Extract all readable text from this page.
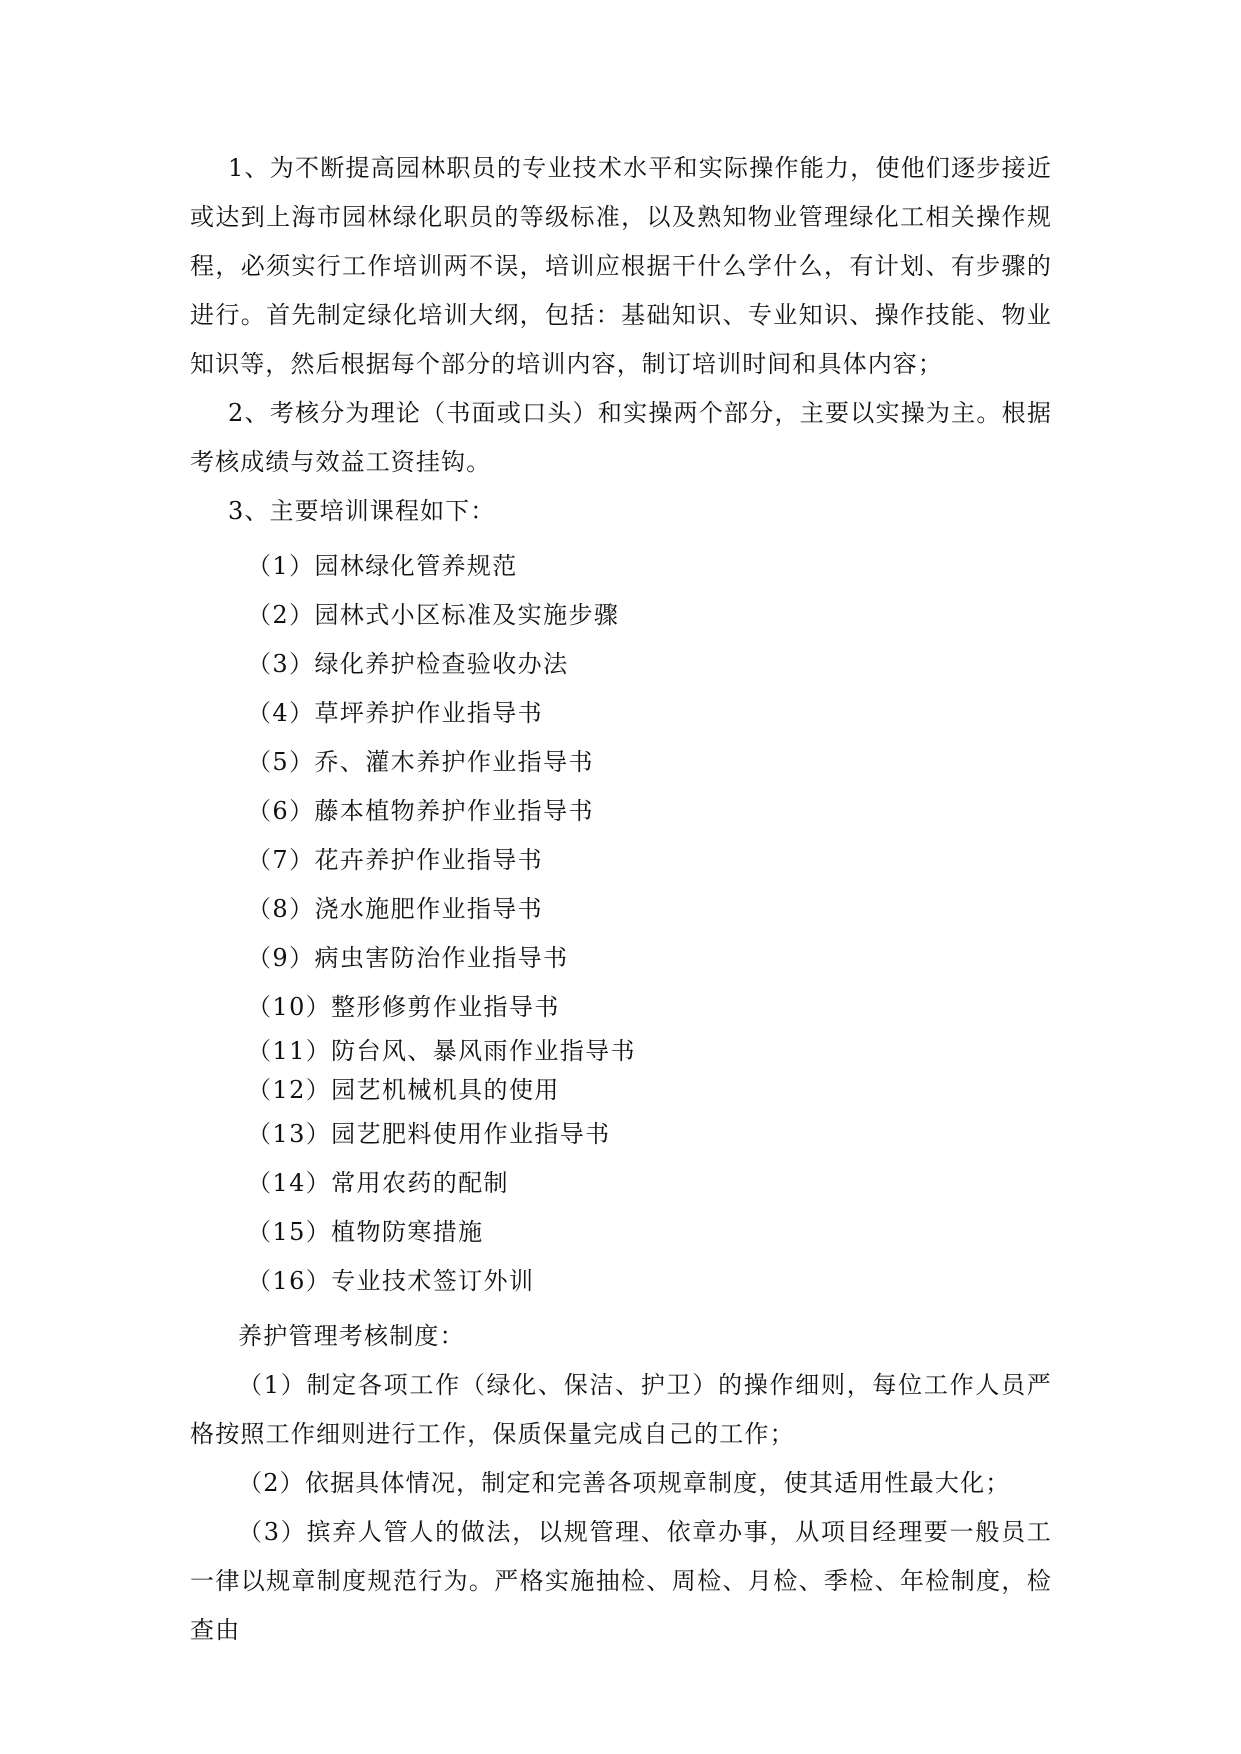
1、为不断提高园林职员的专业技术水平和实际操作能力，使他们逐步接近或达到上海市园林绿化职员的等级标准，以及熟知物业管理绿化工相关操作规程，必须实行工作培训两不误，培训应根据干什么学什么，有计划、有步骤的进行。首先制定绿化培训大纲，包括：基础知识、专业知识、操作技能、物业知识等，然后根据每个部分的培训内容，制订培训时间和具体内容；

2、考核分为理论（书面或口头）和实操两个部分，主要以实操为主。根据考核成绩与效益工资挂钩。

3、主要培训课程如下：

（1）园林绿化管养规范
（2）园林式小区标准及实施步骤
（3）绿化养护检查验收办法
（4）草坪养护作业指导书
（5）乔、灌木养护作业指导书
（6）藤本植物养护作业指导书
（7）花卉养护作业指导书
（8）浇水施肥作业指导书
（9）病虫害防治作业指导书
（10）整形修剪作业指导书
（11）防台风、暴风雨作业指导书
（12）园艺机械机具的使用
（13）园艺肥料使用作业指导书
（14）常用农药的配制
（15）植物防寒措施
（16）专业技术签订外训

养护管理考核制度：

（1）制定各项工作（绿化、保洁、护卫）的操作细则，每位工作人员严格按照工作细则进行工作，保质保量完成自己的工作；

（2）依据具体情况，制定和完善各项规章制度，使其适用性最大化；

（3）摈弃人管人的做法，以规管理、依章办事，从项目经理要一般员工一律以规章制度规范行为。严格实施抽检、周检、月检、季检、年检制度，检查由
